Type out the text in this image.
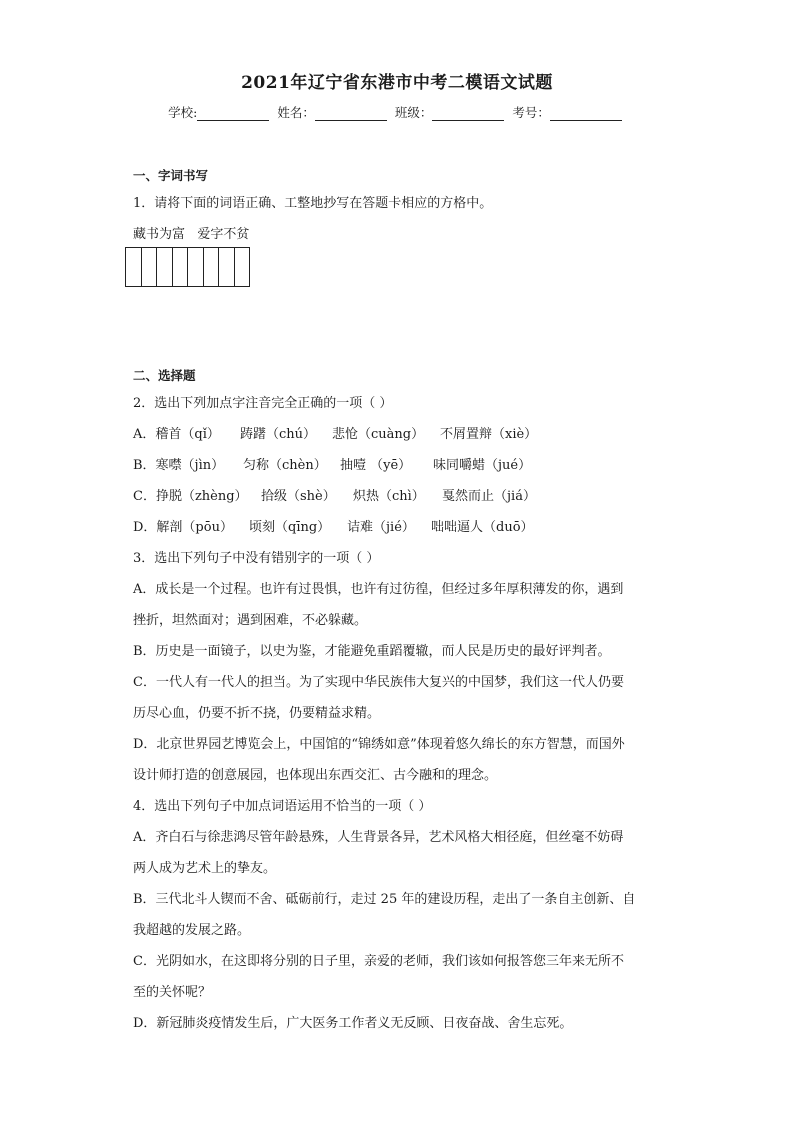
2021年辽宁省东港市中考二模语文试题
学校:	姓名：	班级：	考号：
一、字词书写
1．请将下面的词语正确、工整地抄写在答题卡相应的方格中。
藏书为富   爱字不贫
二、选择题
2．选出下列加点字注音完全正确的一项（ ）
A．稽首（qǐ） 踌躇（chú） 悲怆（cuàng） 不屑置辩（xiè）
B．寒噤（jìn） 匀称（chèn） 抽噎 （yē） 味同嚼蜡（jué）
C．挣脱（zhèng） 拾级（shè） 炽热（chì） 戛然而止（jiá）
D．解剖（pōu） 顷刻（qīng） 诘难（jié） 咄咄逼人（duō）
3．选出下列句子中没有错别字的一项（ ）
A．成长是一个过程。也许有过畏惧，也许有过彷徨，但经过多年厚积薄发的你，遇到
挫折，坦然面对；遇到困难，不必躲藏。
B．历史是一面镜子，以史为鉴，才能避免重蹈覆辙，而人民是历史的最好评判者。
C．一代人有一代人的担当。为了实现中华民族伟大复兴的中国梦，我们这一代人仍要
历尽心血，仍要不折不挠，仍要精益求精。
D．北京世界园艺博览会上，中国馆的“锦绣如意”体现着悠久绵长的东方智慧，而国外
设计师打造的创意展园，也体现出东西交汇、古今融和的理念。
4．选出下列句子中加点词语运用不恰当的一项（ ）
A．齐白石与徐悲鸿尽管年龄悬殊，人生背景各异，艺术风格大相径庭，但丝毫不妨碍
两人成为艺术上的挚友。
B．三代北斗人锲而不舍、砥砺前行，走过 25 年的建设历程，走出了一条自主创新、自
我超越的发展之路。
C．光阴如水，在这即将分别的日子里，亲爱的老师，我们该如何报答您三年来无所不
至的关怀呢？
D．新冠肺炎疫情发生后，广大医务工作者义无反顾、日夜奋战、舍生忘死。
